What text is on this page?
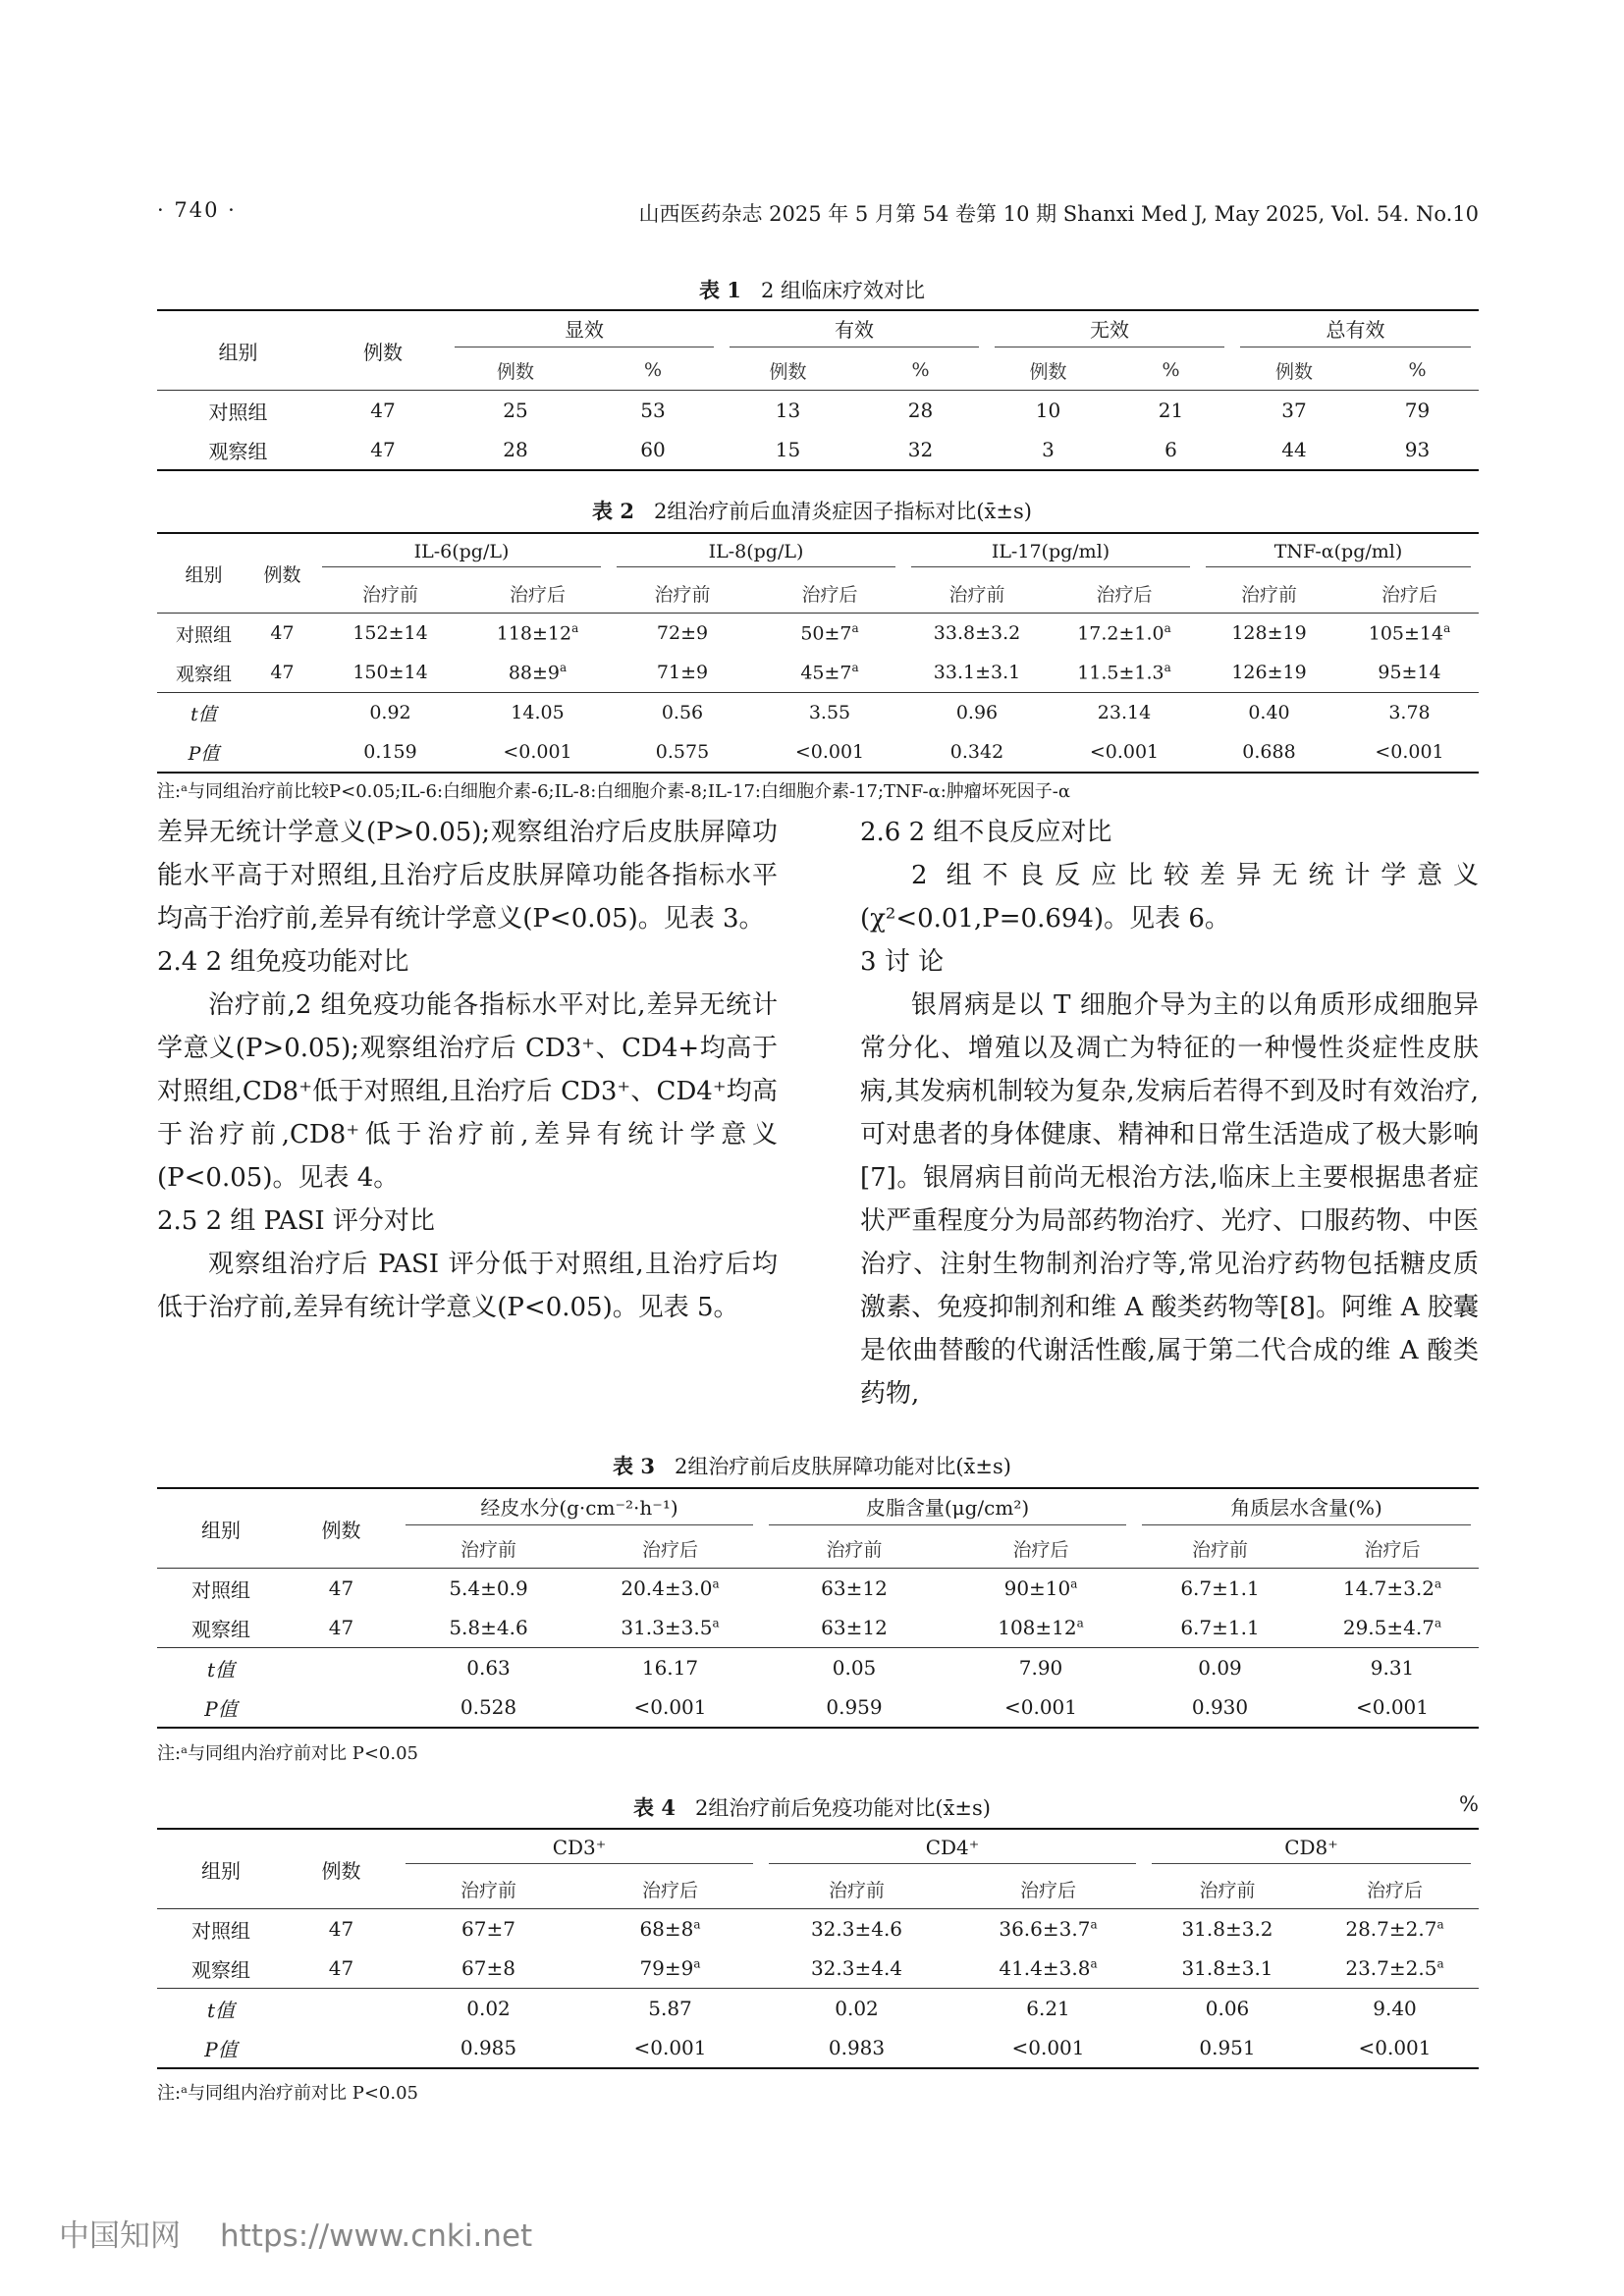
· 740 ·	山西医药杂志 2025 年 5 月第 54 卷第 10 期 Shanxi Med J, May 2025, Vol. 54. No.10
表 1 2 组临床疗效对比
组别	例数	显效		有效		无效		总有效	

		例数	%	例数	%	例数	%	例数	%
对照组	47	25	53	13	28	10	21	37	79
观察组	47	28	60	15	32	3	6	44	93
表 2 2组治疗前后血清炎症因子指标对比(x̄±s)
组别	例数	IL-6(pg/L)		IL-8(pg/L)		IL-17(pg/ml)		TNF-α(pg/ml)	

		治疗前	治疗后	治疗前	治疗后	治疗前	治疗后	治疗前	治疗后
对照组	47	152±14	$118\pm 12^a$	72±9	$50\pm 7^a$	33.8±3.2	17.2±1.0$^a$	128±19	$105\pm 14^a$
观察组	47	150±14	$88\pm 9^a$	71±9	$45\pm 7^a$	33.1±3.1	11.5±1.3$^a$	126±19	95±14
t值		0.92	14.05	0.56	3.55	0.96	23.14	0.40	3.78
P值		0.159	<0.001	0.575	<0.001	0.342	<0.001	0.688	<0.001
注:ᵃ与同组治疗前比较P<0.05;IL-6:白细胞介素-6;IL-8:白细胞介素-8;IL-17:白细胞介素-17;TNF-α:肿瘤坏死因子-α

差异无统计学意义(P>0.05);观察组治疗后皮肤屏障功能水平高于对照组,且治疗后皮肤屏障功能各指标水平均高于治疗前,差异有统计学意义(P<0.05)。见表 3。

2.4 2 组免疫功能对比

治疗前,2 组免疫功能各指标水平对比,差异无统计学意义(P>0.05);观察组治疗后 CD3⁺、CD4+均高于对照组,CD8⁺低于对照组,且治疗后 CD3⁺、CD4⁺均高于治疗前,CD8⁺低于治疗前,差异有统计学意义(P<0.05)。见表 4。

2.5 2 组 PASI 评分对比

观察组治疗后 PASI 评分低于对照组,且治疗后均低于治疗前,差异有统计学意义(P<0.05)。见表 5。

2.6 2 组不良反应对比

2 组不良反应比较差异无统计学意义(χ²<0.01,P=0.694)。见表 6。

3 讨 论

银屑病是以 T 细胞介导为主的以角质形成细胞异常分化、增殖以及凋亡为特征的一种慢性炎症性皮肤病,其发病机制较为复杂,发病后若得不到及时有效治疗,可对患者的身体健康、精神和日常生活造成了极大影响[7]。银屑病目前尚无根治方法,临床上主要根据患者症状严重程度分为局部药物治疗、光疗、口服药物、中医治疗、注射生物制剂治疗等,常见治疗药物包括糖皮质激素、免疫抑制剂和维 A 酸类药物等[8]。阿维 A 胶囊是依曲替酸的代谢活性酸,属于第二代合成的维 A 酸类药物,

表 3 2组治疗前后皮肤屏障功能对比(x̄±s)
组别	例数	经皮水分(g·cm⁻²·h⁻¹)		皮脂含量(μg/cm²)		角质层水含量(%)	

		治疗前	治疗后	治疗前	治疗后	治疗前	治疗后
对照组	47	5.4±0.9	20.4±3.0$^a$	63±12	$90\pm 10^a$	6.7±1.1	14.7±3.2$^a$
观察组	47	5.8±4.6	31.3±3.5$^a$	63±12	$108\pm 12^a$	6.7±1.1	29.5±4.7$^a$
t值		0.63	16.17	0.05	7.90	0.09	9.31
P值		0.528	<0.001	0.959	<0.001	0.930	<0.001
注:ᵃ与同组内治疗前对比 P<0.05
表 4 2组治疗前后免疫功能对比(x̄±s)	%
组别	例数	CD3⁺		CD4⁺		CD8⁺	

		治疗前	治疗后	治疗前	治疗后	治疗前	治疗后
对照组	47	67±7	$68\pm 8^a$	32.3±4.6	36.6±3.7$^a$	31.8±3.2	28.7±2.7$^a$
观察组	47	67±8	$79\pm 9^a$	32.3±4.4	41.4±3.8$^a$	31.8±3.1	23.7±2.5$^a$
t值		0.02	5.87	0.02	6.21	0.06	9.40
P值		0.985	<0.001	0.983	<0.001	0.951	<0.001
注:ᵃ与同组内治疗前对比 P<0.05
中国知网 https://www.cnki.net
